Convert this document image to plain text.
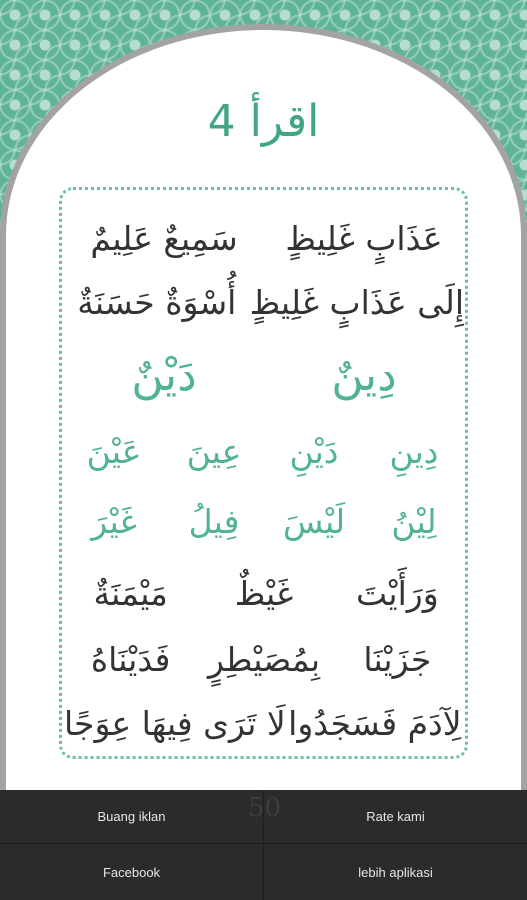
اقرأ 4
عَذَابٍ غَلِيظٍ
سَمِيعٌ عَلِيمٌ
إِلَى عَذَابٍ غَلِيظٍ
أُسْوَةٌ حَسَنَةٌ
دِينٌ
دَيْنٌ
دِينِ
دَيْنِ
عِينَ
عَيْنَ
لِيْنُ
لَيْسَ
فِيلُ
غَيْرَ
وَرَأَيْتَ
غَيْظٌ
مَيْمَنَةٌ
جَزَيْنَا
بِمُصَيْطِرٍ
فَدَيْنَاهُ
لِآدَمَ فَسَجَدُوا
لَا تَرَى فِيهَا عِوَجًا
50
Buang iklan	Rate kami
Facebook	lebih aplikasi
